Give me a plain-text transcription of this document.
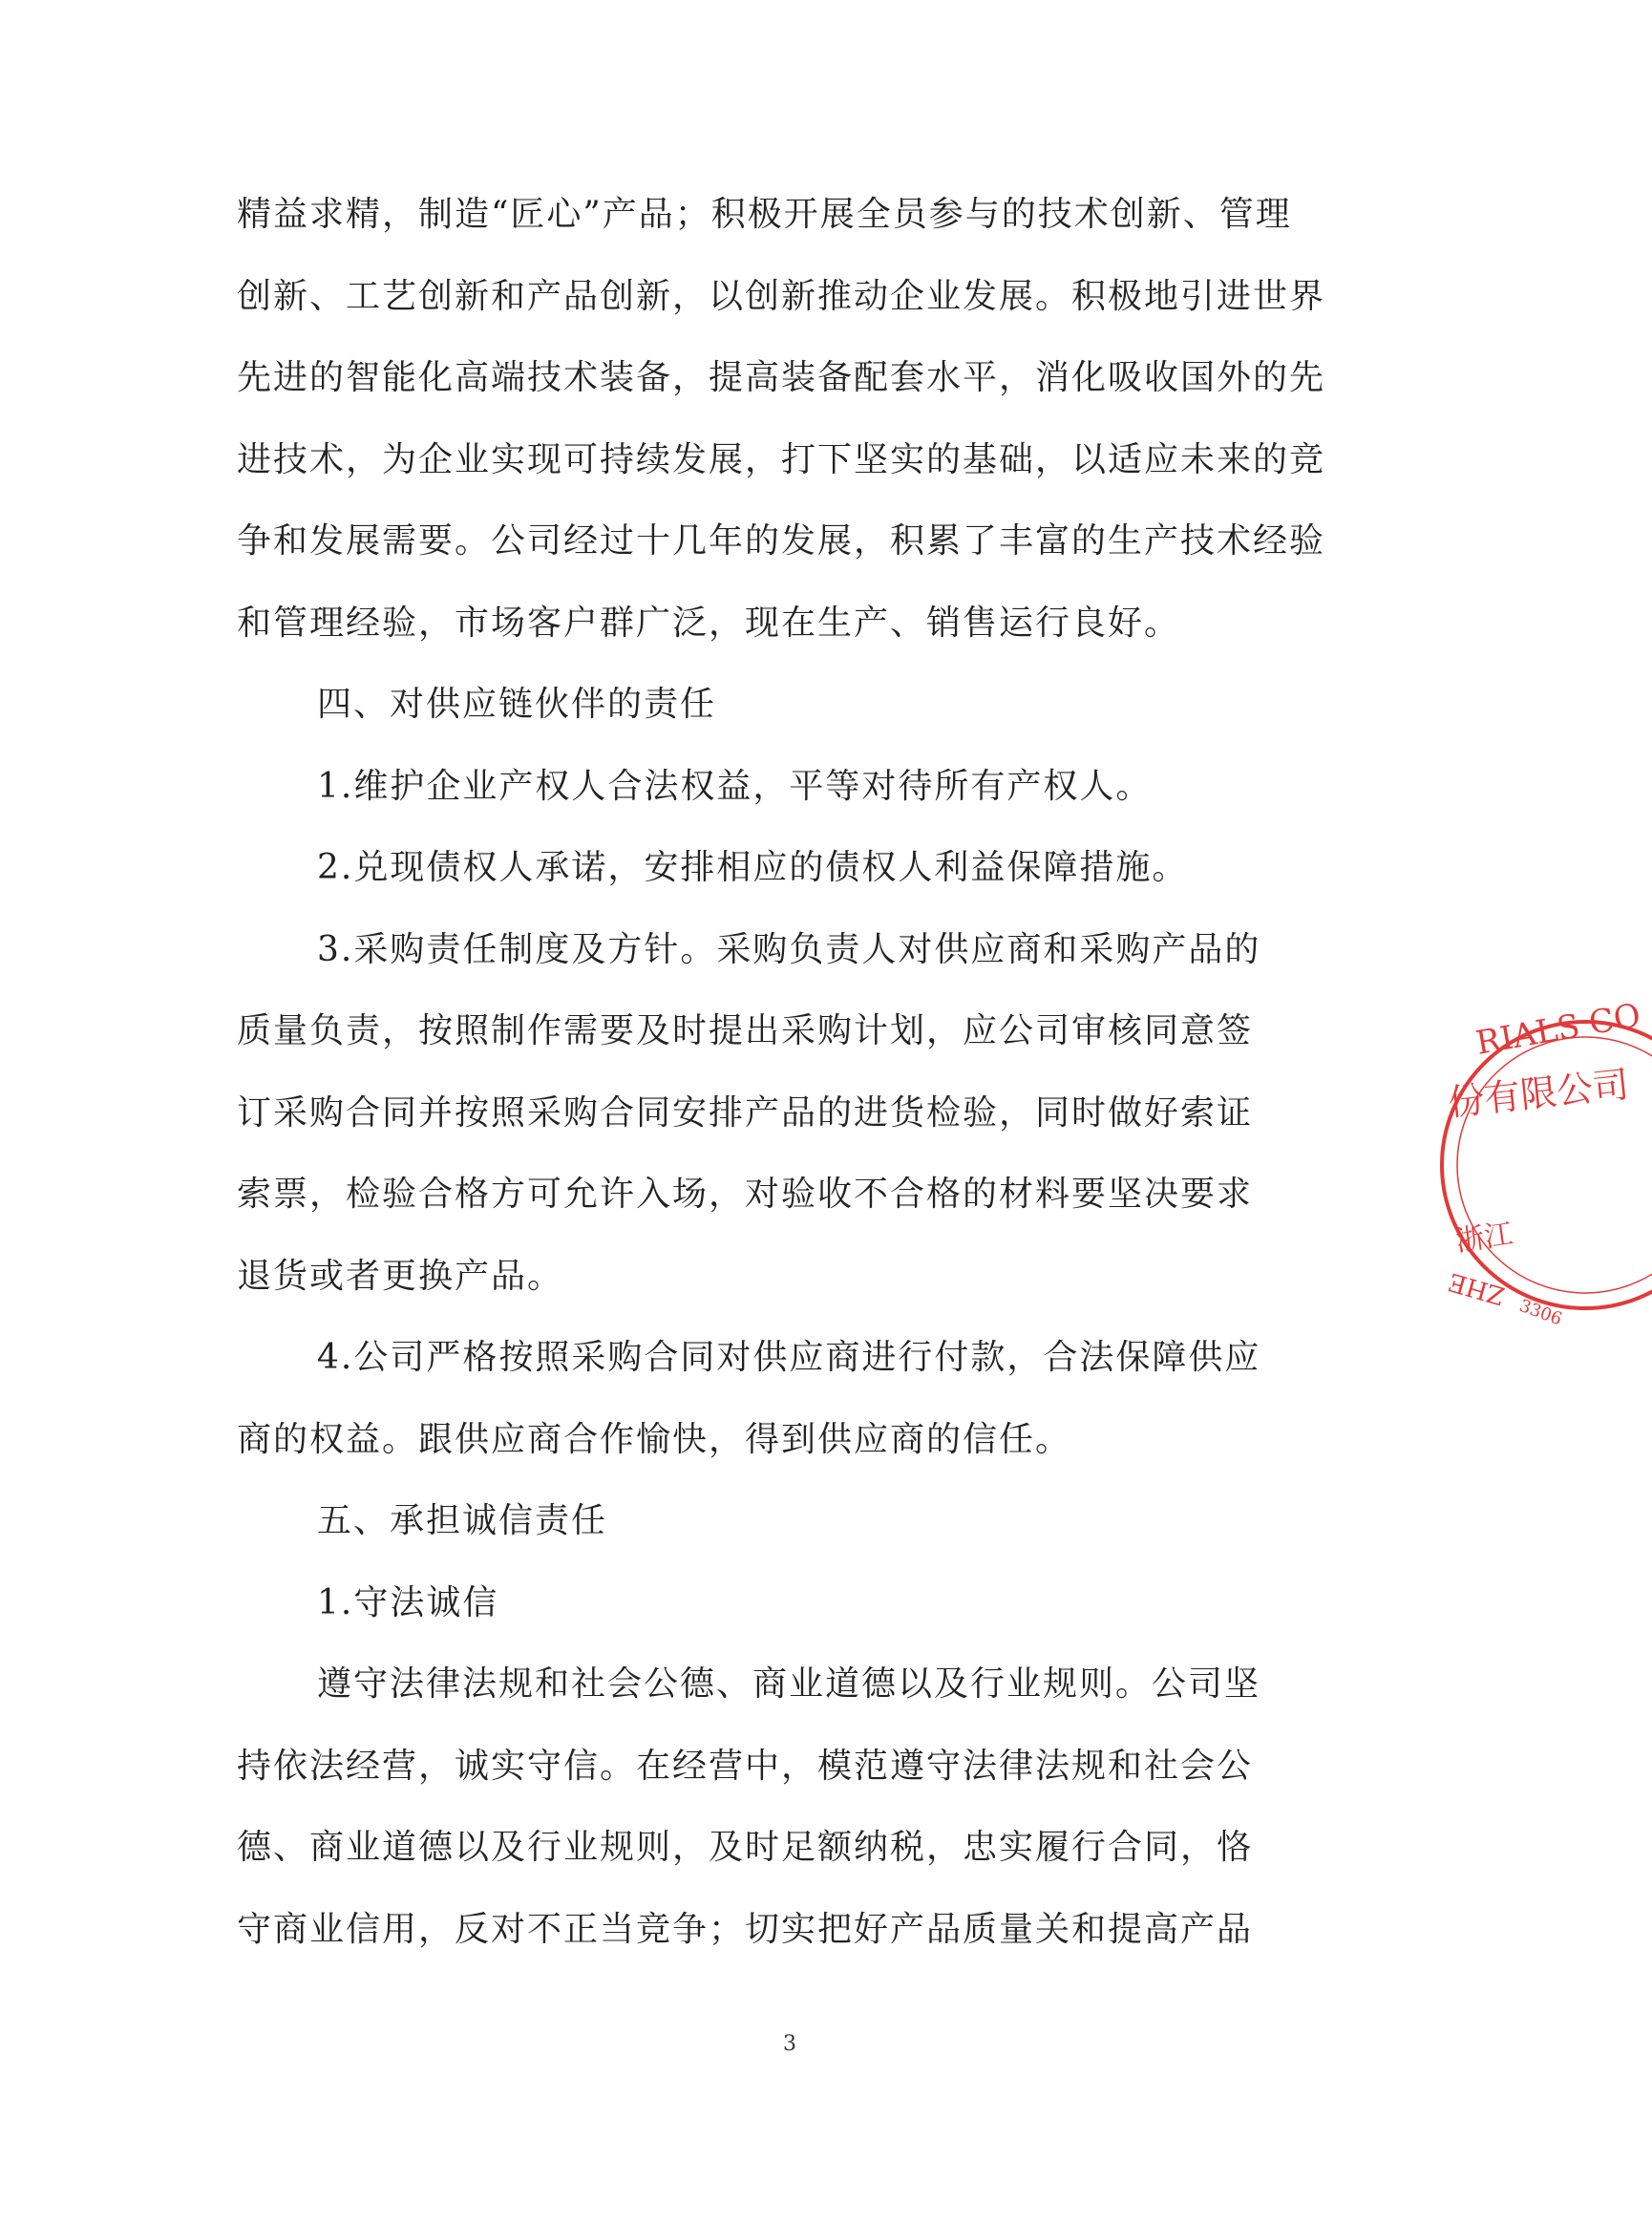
精益求精，制造“匠心”产品；积极开展全员参与的技术创新、管理
创新、工艺创新和产品创新，以创新推动企业发展。积极地引进世界
先进的智能化高端技术装备，提高装备配套水平，消化吸收国外的先
进技术，为企业实现可持续发展，打下坚实的基础，以适应未来的竞
争和发展需要。公司经过十几年的发展，积累了丰富的生产技术经验
和管理经验，市场客户群广泛，现在生产、销售运行良好。
四、对供应链伙伴的责任
1.维护企业产权人合法权益，平等对待所有产权人。
2.兑现债权人承诺，安排相应的债权人利益保障措施。
3.采购责任制度及方针。采购负责人对供应商和采购产品的
质量负责，按照制作需要及时提出采购计划，应公司审核同意签
订采购合同并按照采购合同安排产品的进货检验，同时做好索证
索票，检验合格方可允许入场，对验收不合格的材料要坚决要求
退货或者更换产品。
4.公司严格按照采购合同对供应商进行付款，合法保障供应
商的权益。跟供应商合作愉快，得到供应商的信任。
五、承担诚信责任
1.守法诚信
遵守法律法规和社会公德、商业道德以及行业规则。公司坚
持依法经营，诚实守信。在经营中，模范遵守法律法规和社会公
德、商业道德以及行业规则，及时足额纳税，忠实履行合同，恪
守商业信用，反对不正当竞争；切实把好产品质量关和提高产品
RIALS CO
份有限公司
浙江
ZHE
3306
3
